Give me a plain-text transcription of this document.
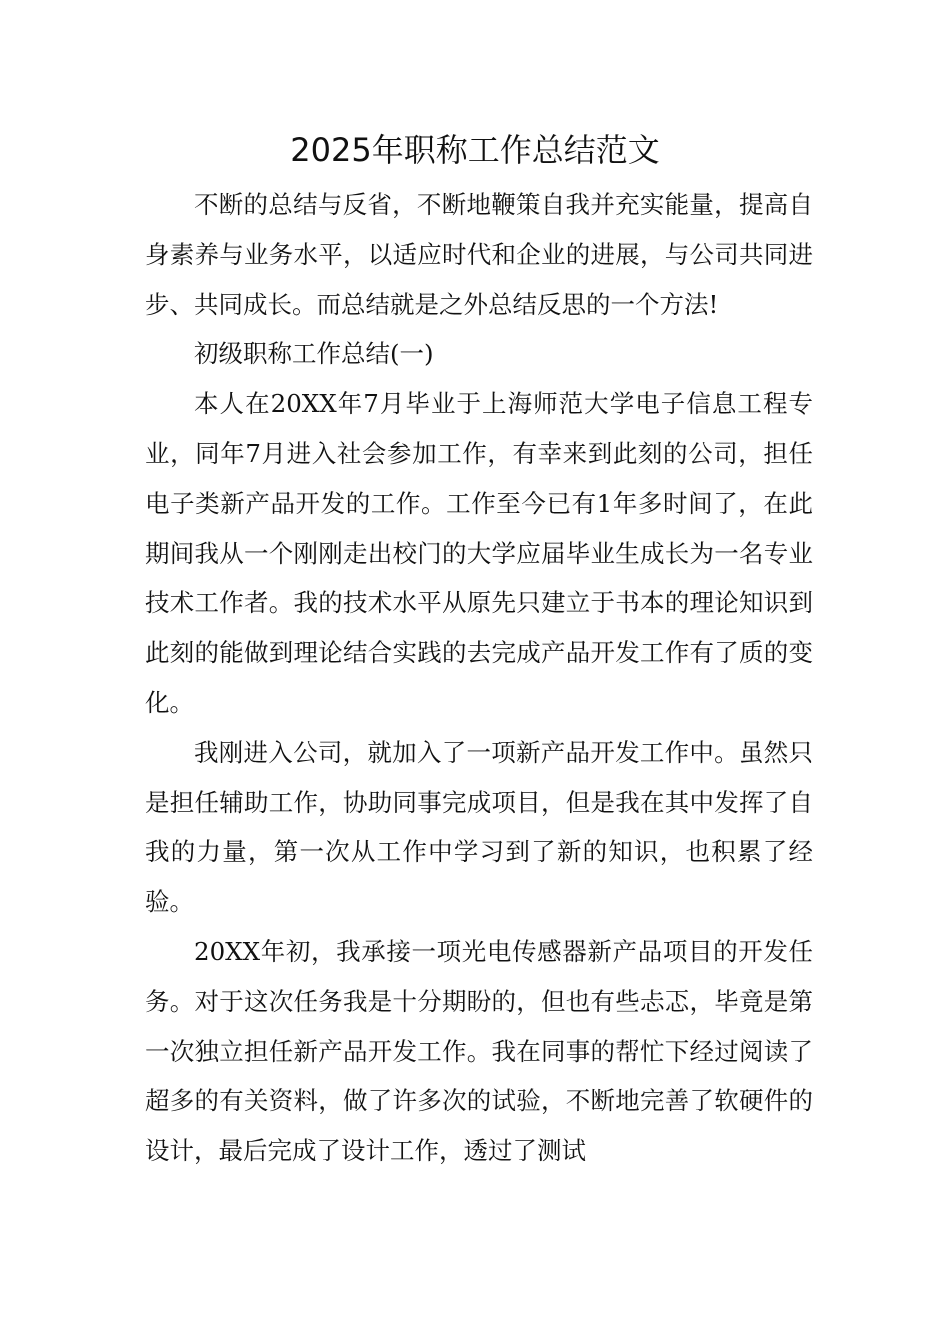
2025年职称工作总结范文

不断的总结与反省，不断地鞭策自我并充实能量，提高自身素养与业务水平，以适应时代和企业的进展，与公司共同进步、共同成长。而总结就是之外总结反思的一个方法!

初级职称工作总结(一)

本人在20XX年7月毕业于上海师范大学电子信息工程专业，同年7月进入社会参加工作，有幸来到此刻的公司，担任电子类新产品开发的工作。工作至今已有1年多时间了，在此期间我从一个刚刚走出校门的大学应届毕业生成长为一名专业技术工作者。我的技术水平从原先只建立于书本的理论知识到此刻的能做到理论结合实践的去完成产品开发工作有了质的变化。

我刚进入公司，就加入了一项新产品开发工作中。虽然只是担任辅助工作，协助同事完成项目，但是我在其中发挥了自我的力量，第一次从工作中学习到了新的知识，也积累了经验。

20XX年初，我承接一项光电传感器新产品项目的开发任务。对于这次任务我是十分期盼的，但也有些忐忑，毕竟是第一次独立担任新产品开发工作。我在同事的帮忙下经过阅读了超多的有关资料，做了许多次的试验，不断地完善了软硬件的设计，最后完成了设计工作，透过了测试
